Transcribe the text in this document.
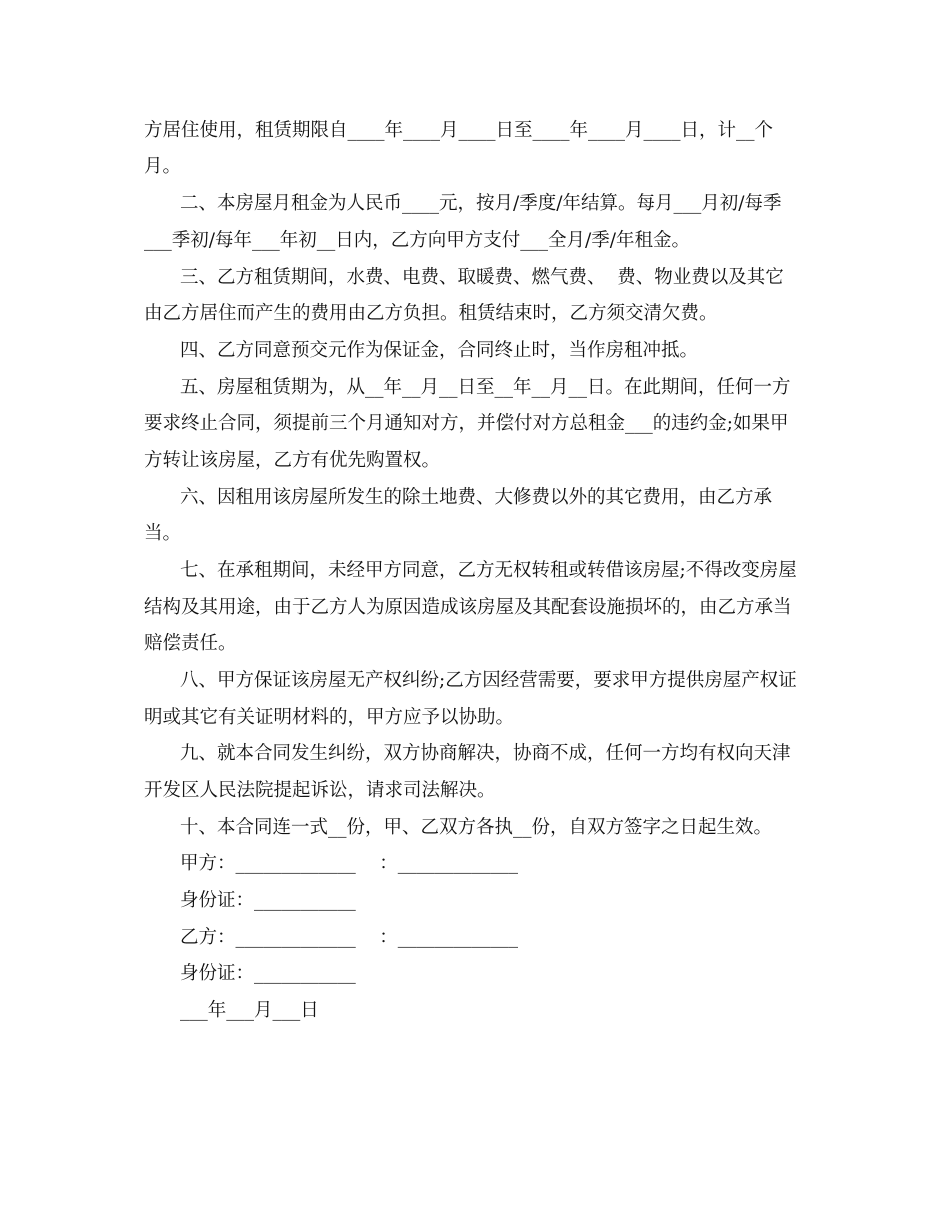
方居住使用，租赁期限自____年____月____日至____年____月____日，计__个
月。
二、本房屋月租金为人民币____元，按月/季度/年结算。每月___月初/每季
___季初/每年___年初__日内，乙方向甲方支付___全月/季/年租金。
三、乙方租赁期间，水费、电费、取暖费、燃气费、  费、物业费以及其它
由乙方居住而产生的费用由乙方负担。租赁结束时，乙方须交清欠费。
四、乙方同意预交元作为保证金，合同终止时，当作房租冲抵。
五、房屋租赁期为，从__年__月__日至__年__月__日。在此期间，任何一方
要求终止合同，须提前三个月通知对方，并偿付对方总租金___的违约金;如果甲
方转让该房屋，乙方有优先购置权。
六、因租用该房屋所发生的除土地费、大修费以外的其它费用，由乙方承
当。
七、在承租期间，未经甲方同意，乙方无权转租或转借该房屋;不得改变房屋
结构及其用途，由于乙方人为原因造成该房屋及其配套设施损坏的，由乙方承当
赔偿责任。
八、甲方保证该房屋无产权纠纷;乙方因经营需要，要求甲方提供房屋产权证
明或其它有关证明材料的，甲方应予以协助。
九、就本合同发生纠纷，双方协商解决，协商不成，任何一方均有权向天津
开发区人民法院提起诉讼，请求司法解决。
十、本合同连一式__份，甲、乙双方各执__份，自双方签字之日起生效。
甲方：_____________    ：_____________
身份证：___________
乙方：_____________    ：_____________
身份证：___________
___年___月___日
